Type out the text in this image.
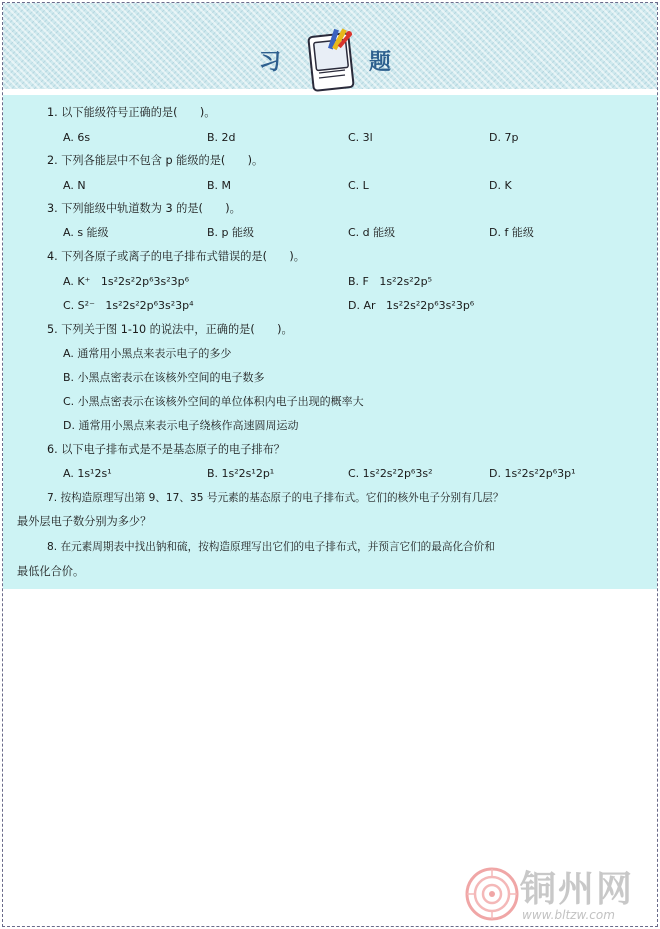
习	题
1. 以下能级符号正确的是(　　)。
A. 6s	B. 2d	C. 3l	D. 7p
2. 下列各能层中不包含 p 能级的是(　　)。
A. N	B. M	C. L	D. K
3. 下列能级中轨道数为 3 的是(　　)。
A. s 能级	B. p 能级	C. d 能级	D. f 能级
4. 下列各原子或离子的电子排布式错误的是(　　)。
A. K⁺ 1s²2s²2p⁶3s²3p⁶	B. F 1s²2s²2p⁵
C. S²⁻ 1s²2s²2p⁶3s²3p⁴	D. Ar 1s²2s²2p⁶3s²3p⁶
5. 下列关于图 1-10 的说法中，正确的是(　　)。
A. 通常用小黑点来表示电子的多少
B. 小黑点密表示在该核外空间的电子数多
C. 小黑点密表示在该核外空间的单位体积内电子出现的概率大
D. 通常用小黑点来表示电子绕核作高速圆周运动
6. 以下电子排布式是不是基态原子的电子排布？
A. 1s¹2s¹	B. 1s²2s¹2p¹	C. 1s²2s²2p⁶3s²	D. 1s²2s²2p⁶3p¹
7. 按构造原理写出第 9、17、35 号元素的基态原子的电子排布式。它们的核外电子分别有几层？
最外层电子数分别为多少？
8. 在元素周期表中找出钠和硫，按构造原理写出它们的电子排布式，并预言它们的最高化合价和
最低化合价。
铜州网
www.bltzw.com
